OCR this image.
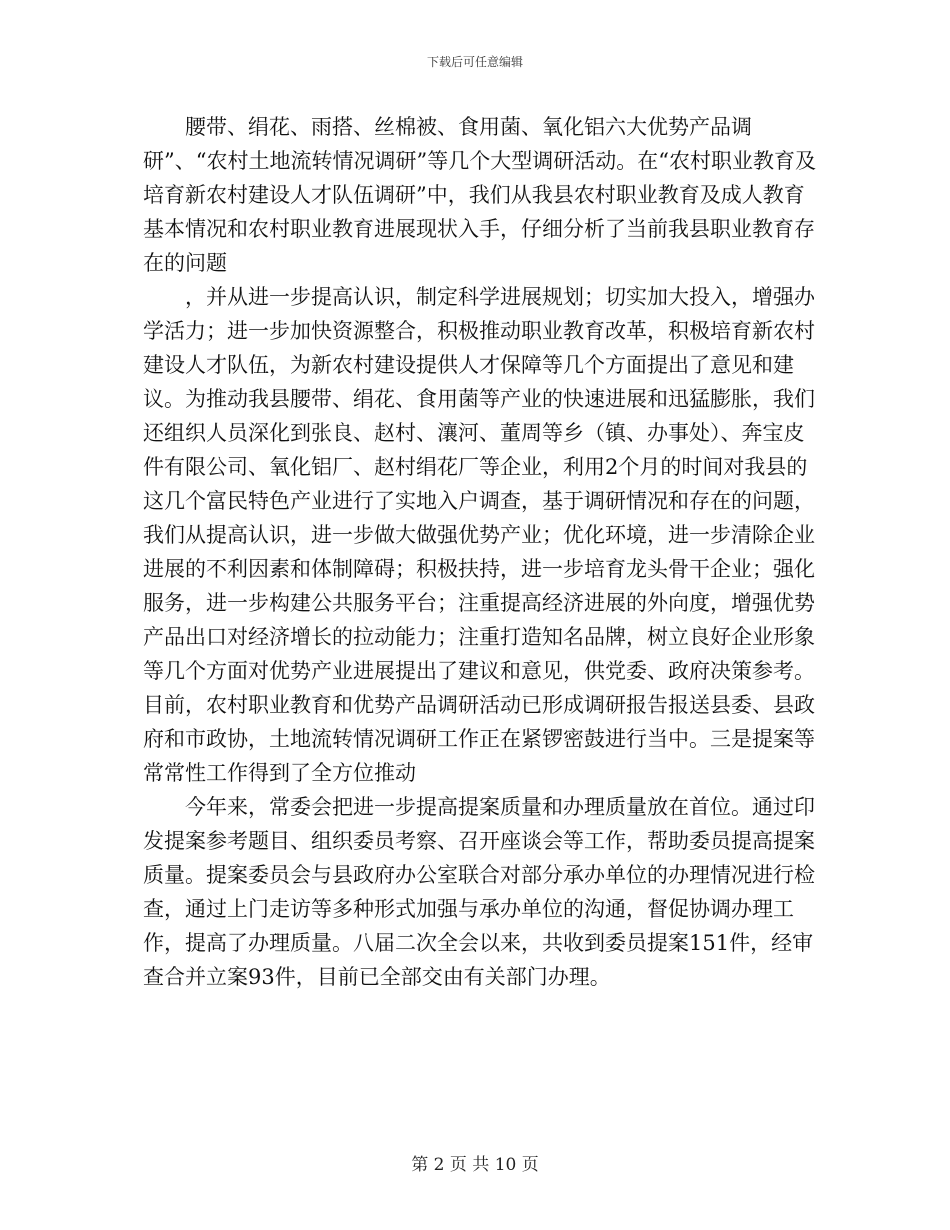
下载后可任意编辑

腰带、绢花、雨搭、丝棉被、食用菌、氧化铝六大优势产品调研”、“农村土地流转情况调研”等几个大型调研活动。在“农村职业教育及培育新农村建设人才队伍调研”中，我们从我县农村职业教育及成人教育基本情况和农村职业教育进展现状入手，仔细分析了当前我县职业教育存在的问题

，并从进一步提高认识，制定科学进展规划；切实加大投入，增强办学活力；进一步加快资源整合，积极推动职业教育改革，积极培育新农村建设人才队伍，为新农村建设提供人才保障等几个方面提出了意见和建议。为推动我县腰带、绢花、食用菌等产业的快速进展和迅猛膨胀，我们还组织人员深化到张良、赵村、瀼河、董周等乡（镇、办事处）、奔宝皮件有限公司、氧化铝厂、赵村绢花厂等企业，利用2个月的时间对我县的这几个富民特色产业进行了实地入户调查，基于调研情况和存在的问题，我们从提高认识，进一步做大做强优势产业；优化环境，进一步清除企业进展的不利因素和体制障碍；积极扶持，进一步培育龙头骨干企业；强化服务，进一步构建公共服务平台；注重提高经济进展的外向度，增强优势产品出口对经济增长的拉动能力；注重打造知名品牌，树立良好企业形象等几个方面对优势产业进展提出了建议和意见，供党委、政府决策参考。目前，农村职业教育和优势产品调研活动已形成调研报告报送县委、县政府和市政协，土地流转情况调研工作正在紧锣密鼓进行当中。三是提案等常常性工作得到了全方位推动

今年来，常委会把进一步提高提案质量和办理质量放在首位。通过印发提案参考题目、组织委员考察、召开座谈会等工作，帮助委员提高提案质量。提案委员会与县政府办公室联合对部分承办单位的办理情况进行检查，通过上门走访等多种形式加强与承办单位的沟通，督促协调办理工作，提高了办理质量。八届二次全会以来，共收到委员提案151件，经审查合并立案93件，目前已全部交由有关部门办理。

第 2 页 共 10 页
